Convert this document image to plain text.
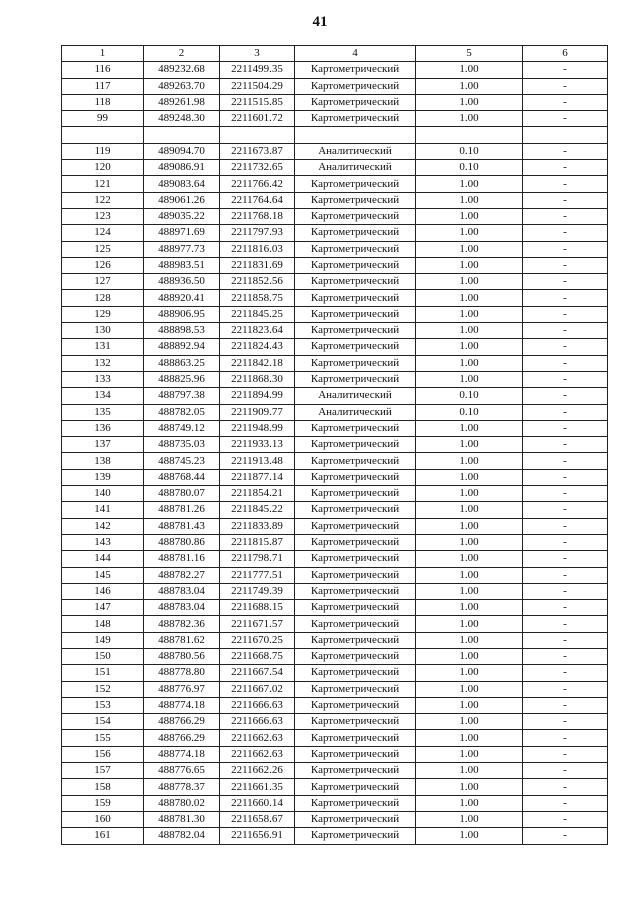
41
1	2	3	4	5	6
116	489232.68	2211499.35	Картометрический	1.00	-
117	489263.70	2211504.29	Картометрический	1.00	-
118	489261.98	2211515.85	Картометрический	1.00	-
99	489248.30	2211601.72	Картометрический	1.00	-

119	489094.70	2211673.87	Аналитический	0.10	-
120	489086.91	2211732.65	Аналитический	0.10	-
121	489083.64	2211766.42	Картометрический	1.00	-
122	489061.26	2211764.64	Картометрический	1.00	-
123	489035.22	2211768.18	Картометрический	1.00	-
124	488971.69	2211797.93	Картометрический	1.00	-
125	488977.73	2211816.03	Картометрический	1.00	-
126	488983.51	2211831.69	Картометрический	1.00	-
127	488936.50	2211852.56	Картометрический	1.00	-
128	488920.41	2211858.75	Картометрический	1.00	-
129	488906.95	2211845.25	Картометрический	1.00	-
130	488898.53	2211823.64	Картометрический	1.00	-
131	488892.94	2211824.43	Картометрический	1.00	-
132	488863.25	2211842.18	Картометрический	1.00	-
133	488825.96	2211868.30	Картометрический	1.00	-
134	488797.38	2211894.99	Аналитический	0.10	-
135	488782.05	2211909.77	Аналитический	0.10	-
136	488749.12	2211948.99	Картометрический	1.00	-
137	488735.03	2211933.13	Картометрический	1.00	-
138	488745.23	2211913.48	Картометрический	1.00	-
139	488768.44	2211877.14	Картометрический	1.00	-
140	488780.07	2211854.21	Картометрический	1.00	-
141	488781.26	2211845.22	Картометрический	1.00	-
142	488781.43	2211833.89	Картометрический	1.00	-
143	488780.86	2211815.87	Картометрический	1.00	-
144	488781.16	2211798.71	Картометрический	1.00	-
145	488782.27	2211777.51	Картометрический	1.00	-
146	488783.04	2211749.39	Картометрический	1.00	-
147	488783.04	2211688.15	Картометрический	1.00	-
148	488782.36	2211671.57	Картометрический	1.00	-
149	488781.62	2211670.25	Картометрический	1.00	-
150	488780.56	2211668.75	Картометрический	1.00	-
151	488778.80	2211667.54	Картометрический	1.00	-
152	488776.97	2211667.02	Картометрический	1.00	-
153	488774.18	2211666.63	Картометрический	1.00	-
154	488766.29	2211666.63	Картометрический	1.00	-
155	488766.29	2211662.63	Картометрический	1.00	-
156	488774.18	2211662.63	Картометрический	1.00	-
157	488776.65	2211662.26	Картометрический	1.00	-
158	488778.37	2211661.35	Картометрический	1.00	-
159	488780.02	2211660.14	Картометрический	1.00	-
160	488781.30	2211658.67	Картометрический	1.00	-
161	488782.04	2211656.91	Картометрический	1.00	-
